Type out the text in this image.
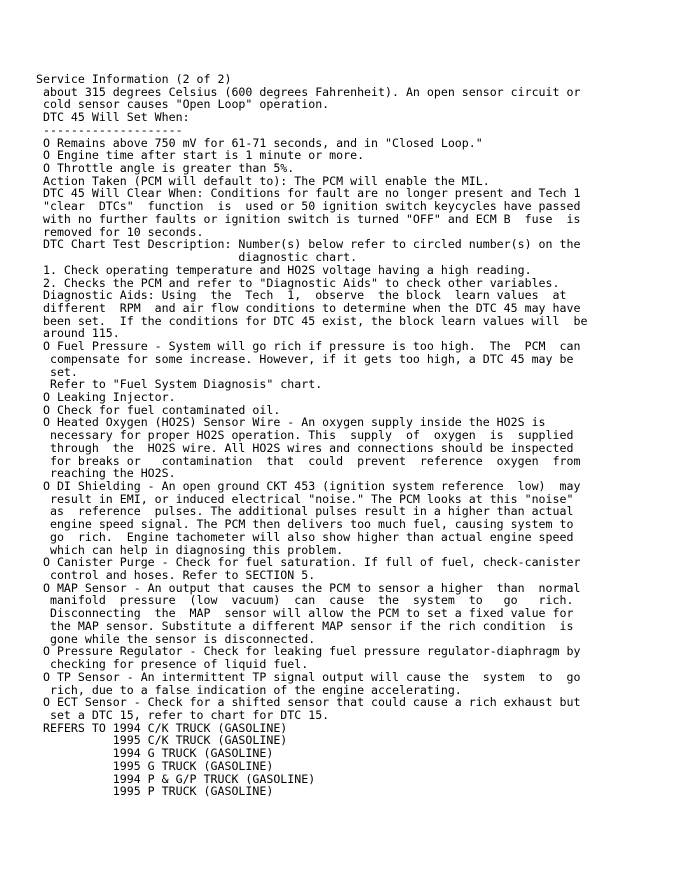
Service Information (2 of 2)
about 315 degrees Celsius (600 degrees Fahrenheit). An open sensor circuit or
cold sensor causes "Open Loop" operation.
DTC 45 Will Set When:
--------------------
O Remains above 750 mV for 61-71 seconds, and in "Closed Loop."
O Engine time after start is 1 minute or more.
O Throttle angle is greater than 5%.
Action Taken (PCM will default to): The PCM will enable the MIL.
DTC 45 Will Clear When: Conditions for fault are no longer present and Tech 1
"clear  DTCs"  function  is  used or 50 ignition switch keycycles have passed
with no further faults or ignition switch is turned "OFF" and ECM B  fuse  is
removed for 10 seconds.
DTC Chart Test Description: Number(s) below refer to circled number(s) on the
diagnostic chart.
1. Check operating temperature and HO2S voltage having a high reading.
2. Checks the PCM and refer to "Diagnostic Aids" to check other variables.
Diagnostic Aids: Using  the  Tech  1,  observe  the block  learn values  at
different  RPM  and air flow conditions to determine when the DTC 45 may have
been set.  If the conditions for DTC 45 exist, the block learn values will  be
around 115.
O Fuel Pressure - System will go rich if pressure is too high.  The  PCM  can
compensate for some increase. However, if it gets too high, a DTC 45 may be
set.
Refer to "Fuel System Diagnosis" chart.
O Leaking Injector.
O Check for fuel contaminated oil.
O Heated Oxygen (HO2S) Sensor Wire - An oxygen supply inside the HO2S is
necessary for proper HO2S operation. This  supply  of  oxygen  is  supplied
through  the  HO2S wire. All HO2S wires and connections should be inspected
for breaks or   contamination  that  could  prevent  reference  oxygen  from
reaching the HO2S.
O DI Shielding - An open ground CKT 453 (ignition system reference  low)  may
result in EMI, or induced electrical "noise." The PCM looks at this "noise"
as  reference  pulses. The additional pulses result in a higher than actual
engine speed signal. The PCM then delivers too much fuel, causing system to
go  rich.  Engine tachometer will also show higher than actual engine speed
which can help in diagnosing this problem.
O Canister Purge - Check for fuel saturation. If full of fuel, check-canister
control and hoses. Refer to SECTION 5.
O MAP Sensor - An output that causes the PCM to sensor a higher  than  normal
manifold  pressure  (low  vacuum)  can  cause  the  system  to   go   rich.
Disconnecting  the  MAP  sensor will allow the PCM to set a fixed value for
the MAP sensor. Substitute a different MAP sensor if the rich condition  is
gone while the sensor is disconnected.
O Pressure Regulator - Check for leaking fuel pressure regulator-diaphragm by
checking for presence of liquid fuel.
O TP Sensor - An intermittent TP signal output will cause the  system  to  go
rich, due to a false indication of the engine accelerating.
O ECT Sensor - Check for a shifted sensor that could cause a rich exhaust but
set a DTC 15, refer to chart for DTC 15.
REFERS TO 1994 C/K TRUCK (GASOLINE)
1995 C/K TRUCK (GASOLINE)
1994 G TRUCK (GASOLINE)
1995 G TRUCK (GASOLINE)
1994 P & G/P TRUCK (GASOLINE)
1995 P TRUCK (GASOLINE)
